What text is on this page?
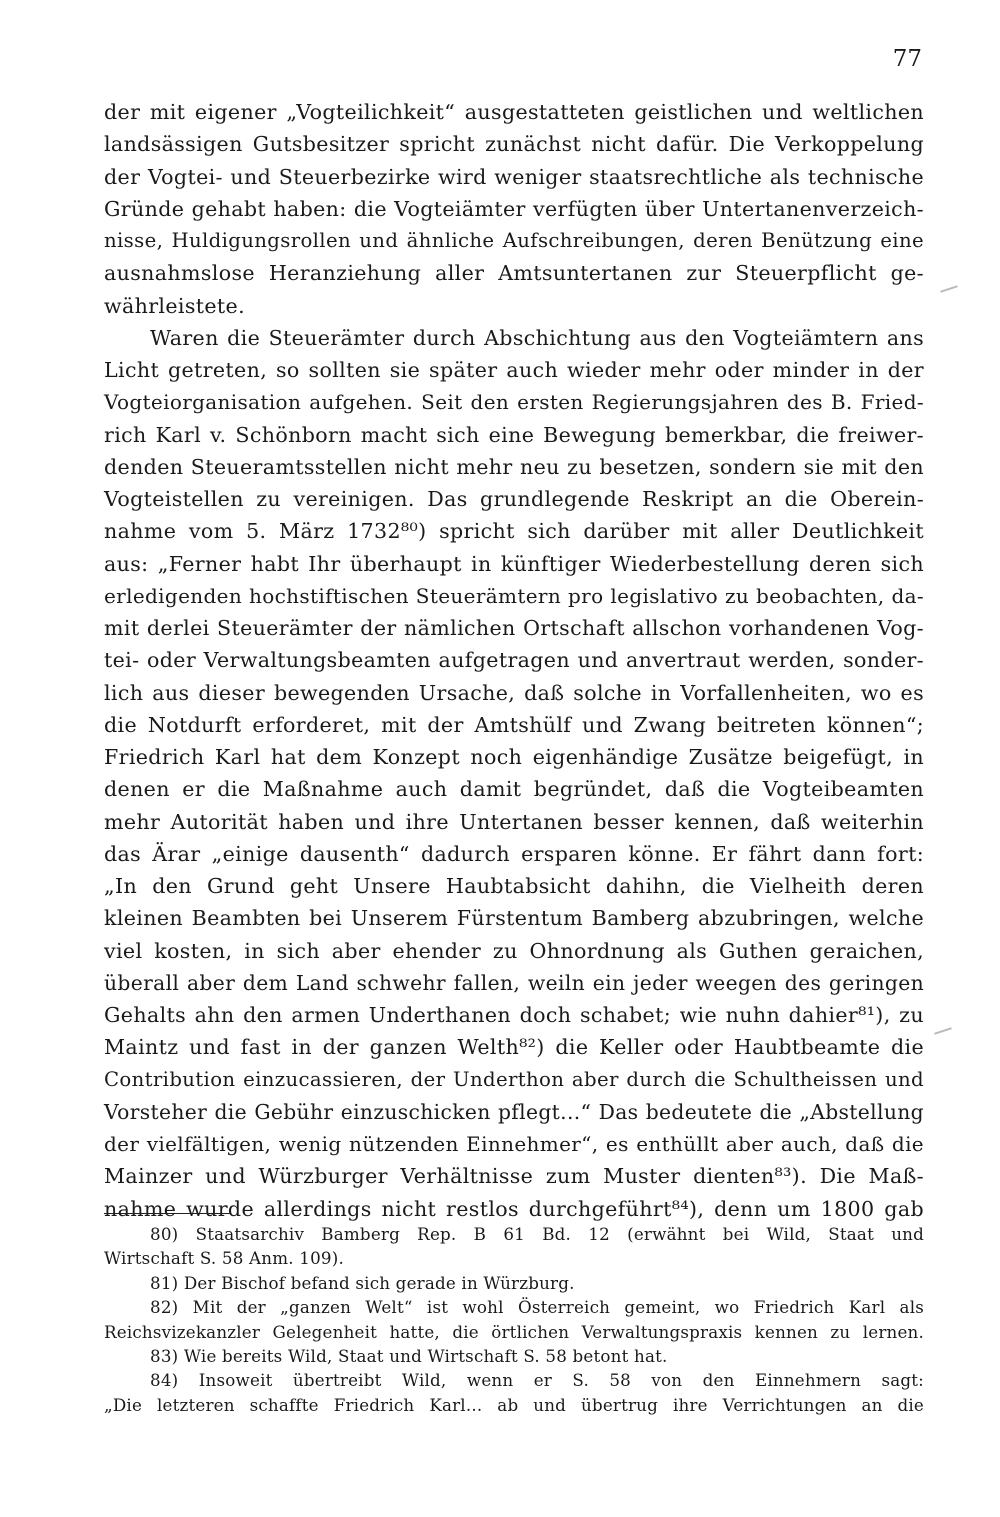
77
der mit eigener „Vogteilichkeit“ ausgestatteten geistlichen und weltlichen
landsässigen Gutsbesitzer spricht zunächst nicht dafür. Die Verkoppelung
der Vogtei- und Steuerbezirke wird weniger staatsrechtliche als technische
Gründe gehabt haben: die Vogteiämter verfügten über Untertanenverzeich-
nisse, Huldigungsrollen und ähnliche Aufschreibungen, deren Benützung eine
ausnahmslose Heranziehung aller Amtsuntertanen zur Steuerpflicht ge-
währleistete.
Waren die Steuerämter durch Abschichtung aus den Vogteiämtern ans
Licht getreten, so sollten sie später auch wieder mehr oder minder in der
Vogteiorganisation aufgehen. Seit den ersten Regierungsjahren des B. Fried-
rich Karl v. Schönborn macht sich eine Bewegung bemerkbar, die freiwer-
denden Steueramtsstellen nicht mehr neu zu besetzen, sondern sie mit den
Vogteistellen zu vereinigen. Das grundlegende Reskript an die Oberein-
nahme vom 5. März 1732⁸⁰) spricht sich darüber mit aller Deutlichkeit
aus: „Ferner habt Ihr überhaupt in künftiger Wiederbestellung deren sich
erledigenden hochstiftischen Steuerämtern pro legislativo zu beobachten, da-
mit derlei Steuerämter der nämlichen Ortschaft allschon vorhandenen Vog-
tei- oder Verwaltungsbeamten aufgetragen und anvertraut werden, sonder-
lich aus dieser bewegenden Ursache, daß solche in Vorfallenheiten, wo es
die Notdurft erforderet, mit der Amtshülf und Zwang beitreten können“;
Friedrich Karl hat dem Konzept noch eigenhändige Zusätze beigefügt, in
denen er die Maßnahme auch damit begründet, daß die Vogteibeamten
mehr Autorität haben und ihre Untertanen besser kennen, daß weiterhin
das Ärar „einige dausenth“ dadurch ersparen könne. Er fährt dann fort:
„In den Grund geht Unsere Haubtabsicht dahihn, die Vielheith deren
kleinen Beambten bei Unserem Fürstentum Bamberg abzubringen, welche
viel kosten, in sich aber ehender zu Ohnordnung als Guthen geraichen,
überall aber dem Land schwehr fallen, weiln ein jeder weegen des geringen
Gehalts ahn den armen Underthanen doch schabet; wie nuhn dahier⁸¹), zu
Maintz und fast in der ganzen Welth⁸²) die Keller oder Haubtbeamte die
Contribution einzucassieren, der Underthon aber durch die Schultheissen und
Vorsteher die Gebühr einzuschicken pflegt...“ Das bedeutete die „Abstellung
der vielfältigen, wenig nützenden Einnehmer“, es enthüllt aber auch, daß die
Mainzer und Würzburger Verhältnisse zum Muster dienten⁸³). Die Maß-
nahme wurde allerdings nicht restlos durchgeführt⁸⁴), denn um 1800 gab
80) Staatsarchiv Bamberg Rep. B 61 Bd. 12 (erwähnt bei Wild, Staat und
Wirtschaft S. 58 Anm. 109).
81) Der Bischof befand sich gerade in Würzburg.
82) Mit der „ganzen Welt“ ist wohl Österreich gemeint, wo Friedrich Karl als
Reichsvizekanzler Gelegenheit hatte, die örtlichen Verwaltungspraxis kennen zu lernen.
83) Wie bereits Wild, Staat und Wirtschaft S. 58 betont hat.
84) Insoweit übertreibt Wild, wenn er S. 58 von den Einnehmern sagt:
„Die letzteren schaffte Friedrich Karl... ab und übertrug ihre Verrichtungen an die
